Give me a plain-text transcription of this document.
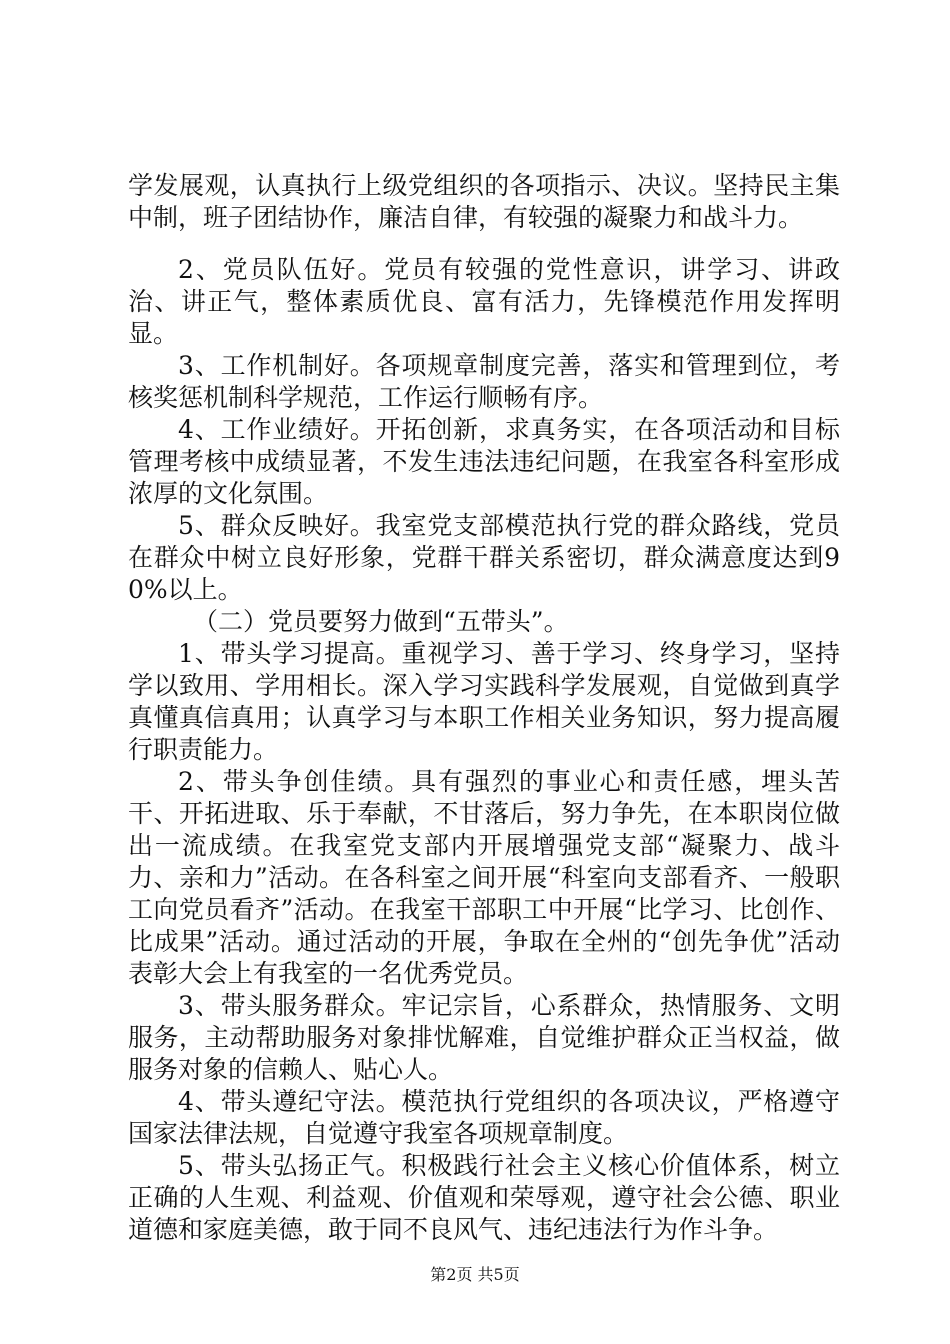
学发展观，认真执行上级党组织的各项指示、决议。坚持民主集中制，班子团结协作，廉洁自律，有较强的凝聚力和战斗力。

2、党员队伍好。党员有较强的党性意识，讲学习、讲政治、讲正气，整体素质优良、富有活力，先锋模范作用发挥明显。

3、工作机制好。各项规章制度完善，落实和管理到位，考核奖惩机制科学规范，工作运行顺畅有序。

4、工作业绩好。开拓创新，求真务实，在各项活动和目标管理考核中成绩显著，不发生违法违纪问题，在我室各科室形成浓厚的文化氛围。

5、群众反映好。我室党支部模范执行党的群众路线，党员在群众中树立良好形象，党群干群关系密切，群众满意度达到90%以上。

（二）党员要努力做到“五带头”。

1、带头学习提高。重视学习、善于学习、终身学习，坚持学以致用、学用相长。深入学习实践科学发展观，自觉做到真学真懂真信真用；认真学习与本职工作相关业务知识，努力提高履行职责能力。

2、带头争创佳绩。具有强烈的事业心和责任感，埋头苦干、开拓进取、乐于奉献，不甘落后，努力争先，在本职岗位做出一流成绩。在我室党支部内开展增强党支部“凝聚力、战斗力、亲和力”活动。在各科室之间开展“科室向支部看齐、一般职工向党员看齐”活动。在我室干部职工中开展“比学习、比创作、比成果”活动。通过活动的开展，争取在全州的“创先争优”活动表彰大会上有我室的一名优秀党员。

3、带头服务群众。牢记宗旨，心系群众，热情服务、文明服务，主动帮助服务对象排忧解难，自觉维护群众正当权益，做服务对象的信赖人、贴心人。

4、带头遵纪守法。模范执行党组织的各项决议，严格遵守国家法律法规，自觉遵守我室各项规章制度。

5、带头弘扬正气。积极践行社会主义核心价值体系，树立正确的人生观、利益观、价值观和荣辱观，遵守社会公德、职业道德和家庭美德，敢于同不良风气、违纪违法行为作斗争。

第2页 共5页
